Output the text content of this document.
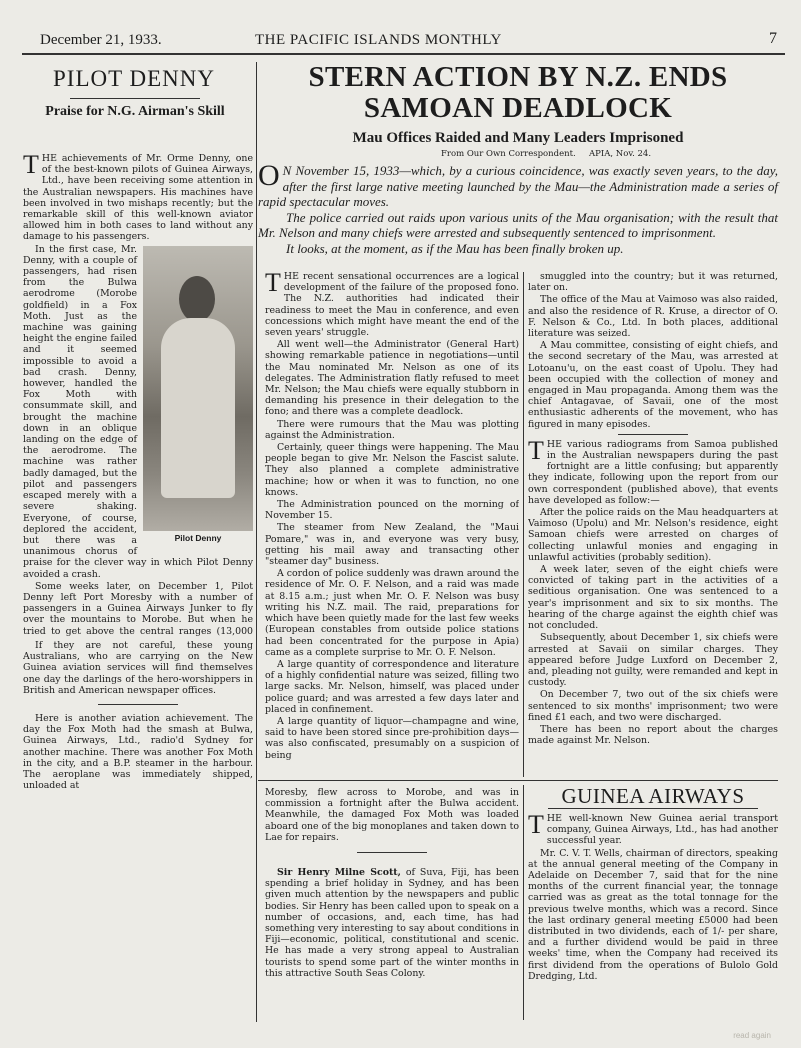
December 21, 1933.	THE PACIFIC ISLANDS MONTHLY	7
PILOT DENNY
Praise for N.G. Airman's Skill

THE achievements of Mr. Orme Denny, one of the best-known pilots of Guinea Airways, Ltd., have been receiving some attention in the Australian newspapers. His machines have been involved in two mishaps recently; but the remarkable skill of this well-known aviator allowed him in both cases to land without any damage to his passengers.

Pilot Denny

In the first case, Mr. Denny, with a couple of passengers, had risen from the Bulwa aerodrome (Morobe goldfield) in a Fox Moth. Just as the machine was gaining height the engine failed and it seemed impossible to avoid a bad crash. Denny, however, handled the Fox Moth with consummate skill, and brought the machine down in an oblique landing on the edge of the aerodrome. The machine was rather badly damaged, but the pilot and passengers escaped merely with a severe shaking. Everyone, of course, deplored the accident, but there was a unanimous chorus of praise for the clever way in which Pilot Denny avoided a crash.

Some weeks later, on December 1, Pilot Denny left Port Moresby with a number of passengers in a Guinea Airways Junker to fly over the mountains to Morobe. But when he tried to get above the central ranges (13,000

If they are not careful, these young Australians, who are carrying on the New Guinea aviation services will find themselves one day the darlings of the hero-worshippers in British and American newspaper offices.

Here is another aviation achievement. The day the Fox Moth had the smash at Bulwa, Guinea Airways, Ltd., radio'd Sydney for another machine. There was another Fox Moth in the city, and a B.P. steamer in the harbour. The aeroplane was immediately shipped, unloaded at

STERN ACTION BY N.Z. ENDS
SAMOAN DEADLOCK
Mau Offices Raided and Many Leaders Imprisoned
From Our Own Correspondent. APIA, Nov. 24.

O N November 15, 1933—which, by a curious coincidence, was exactly seven years, to the day, after the first large native meeting launched by the Mau—the Administration made a series of rapid spectacular moves.

The police carried out raids upon various units of the Mau organisation; with the result that Mr. Nelson and many chiefs were arrested and subsequently sentenced to imprisonment.

It looks, at the moment, as if the Mau has been finally broken up.

THE recent sensational occurrences are a logical development of the failure of the proposed fono. The N.Z. authorities had indicated their readiness to meet the Mau in conference, and even concessions which might have meant the end of the seven years' struggle.

All went well—the Administrator (General Hart) showing remarkable patience in negotiations—until the Mau nominated Mr. Nelson as one of its delegates. The Administration flatly refused to meet Mr. Nelson; the Mau chiefs were equally stubborn in demanding his presence in their delegation to the fono; and there was a complete deadlock.

There were rumours that the Mau was plotting against the Administration.

Certainly, queer things were happening. The Mau people began to give Mr. Nelson the Fascist salute. They also planned a complete administrative machine; how or when it was to function, no one knows.

The Administration pounced on the morning of November 15.

The steamer from New Zealand, the "Maui Pomare," was in, and everyone was very busy, getting his mail away and transacting other "steamer day" business.

A cordon of police suddenly was drawn around the residence of Mr. O. F. Nelson, and a raid was made at 8.15 a.m.; just when Mr. O. F. Nelson was busy writing his N.Z. mail. The raid, preparations for which have been quietly made for the last few weeks (European constables from outside police stations had been concentrated for the purpose in Apia) came as a complete surprise to Mr. O. F. Nelson.

A large quantity of correspondence and literature of a highly confidential nature was seized, filling two large sacks. Mr. Nelson, himself, was placed under police guard; and was arrested a few days later and placed in confinement.

A large quantity of liquor—champagne and wine, said to have been stored since pre-prohibition days—was also confiscated, presumably on a suspicion of being

smuggled into the country; but it was returned, later on.

The office of the Mau at Vaimoso was also raided, and also the residence of R. Kruse, a director of O. F. Nelson & Co., Ltd. In both places, additional literature was seized.

A Mau committee, consisting of eight chiefs, and the second secretary of the Mau, was arrested at Lotoanu'u, on the east coast of Upolu. They had been occupied with the collection of money and engaged in Mau propaganda. Among them was the chief Antagavae, of Savaii, one of the most enthusiastic adherents of the movement, who has figured in many episodes.

THE various radiograms from Samoa published in the Australian newspapers during the past fortnight are a little confusing; but apparently they indicate, following upon the report from our own correspondent (published above), that events have developed as follow:—

After the police raids on the Mau headquarters at Vaimoso (Upolu) and Mr. Nelson's residence, eight Samoan chiefs were arrested on charges of collecting unlawful monies and engaging in unlawful activities (probably sedition).

A week later, seven of the eight chiefs were convicted of taking part in the activities of a seditious organisation. One was sentenced to a year's imprisonment and six to six months. The hearing of the charge against the eighth chief was not concluded.

Subsequently, about December 1, six chiefs were arrested at Savaii on similar charges. They appeared before Judge Luxford on December 2, and, pleading not guilty, were remanded and kept in custody.

On December 7, two out of the six chiefs were sentenced to six months' imprisonment; two were fined £1 each, and two were discharged.

There has been no report about the charges made against Mr. Nelson.

Moresby, flew across to Morobe, and was in commission a fortnight after the Bulwa accident. Meanwhile, the damaged Fox Moth was loaded aboard one of the big monoplanes and taken down to Lae for repairs.

Sir Henry Milne Scott, of Suva, Fiji, has been spending a brief holiday in Sydney, and has been given much attention by the newspapers and public bodies. Sir Henry has been called upon to speak on a number of occasions, and, each time, has had something very interesting to say about conditions in Fiji—economic, political, constitutional and scenic. He has made a very strong appeal to Australian tourists to spend some part of the winter months in this attractive South Seas Colony.

GUINEA AIRWAYS

THE well-known New Guinea aerial transport company, Guinea Airways, Ltd., has had another successful year.

Mr. C. V. T. Wells, chairman of directors, speaking at the annual general meeting of the Company in Adelaide on December 7, said that for the nine months of the current financial year, the tonnage carried was as great as the total tonnage for the previous twelve months, which was a record. Since the last ordinary general meeting £5000 had been distributed in two dividends, each of 1/- per share, and a further dividend would be paid in three weeks' time, when the Company had received its first dividend from the operations of Bulolo Gold Dredging, Ltd.

read again
